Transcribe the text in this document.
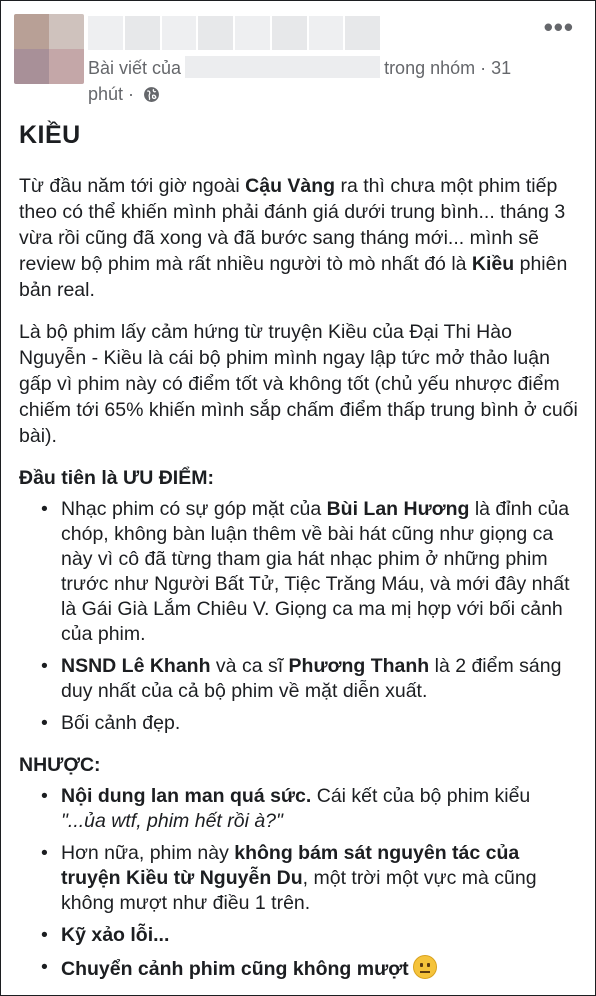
•••
Bài viết của	trong nhóm · 31
phút ·
KIỀU

Từ đầu năm tới giờ ngoài Cậu Vàng ra thì chưa một phim tiếp theo có thể khiến mình phải đánh giá dưới trung bình... tháng 3 vừa rồi cũng đã xong và đã bước sang tháng mới... mình sẽ review bộ phim mà rất nhiều người tò mò nhất đó là Kiều phiên bản real.

Là bộ phim lấy cảm hứng từ truyện Kiều của Đại Thi Hào Nguyễn - Kiều là cái bộ phim mình ngay lập tức mở thảo luận gấp vì phim này có điểm tốt và không tốt (chủ yếu nhược điểm chiếm tới 65% khiến mình sắp chấm điểm thấp trung bình ở cuối bài).

Đầu tiên là ƯU ĐIỂM:
• Nhạc phim có sự góp mặt của Bùi Lan Hương là đỉnh của chóp, không bàn luận thêm về bài hát cũng như giọng ca này vì cô đã từng tham gia hát nhạc phim ở những phim trước như Người Bất Tử, Tiệc Trăng Máu, và mới đây nhất là Gái Già Lắm Chiêu V. Giọng ca ma mị hợp với bối cảnh của phim.
• NSND Lê Khanh và ca sĩ Phương Thanh là 2 điểm sáng duy nhất của cả bộ phim về mặt diễn xuất.
• Bối cảnh đẹp.
NHƯỢC:
• Nội dung lan man quá sức. Cái kết của bộ phim kiểu
"...ủa wtf, phim hết rồi à?"
• Hơn nữa, phim này không bám sát nguyên tác của truyện Kiều từ Nguyễn Du, một trời một vực mà cũng không mượt như điều 1 trên.
• Kỹ xảo lỗi...
• Chuyển cảnh phim cũng không mượt
